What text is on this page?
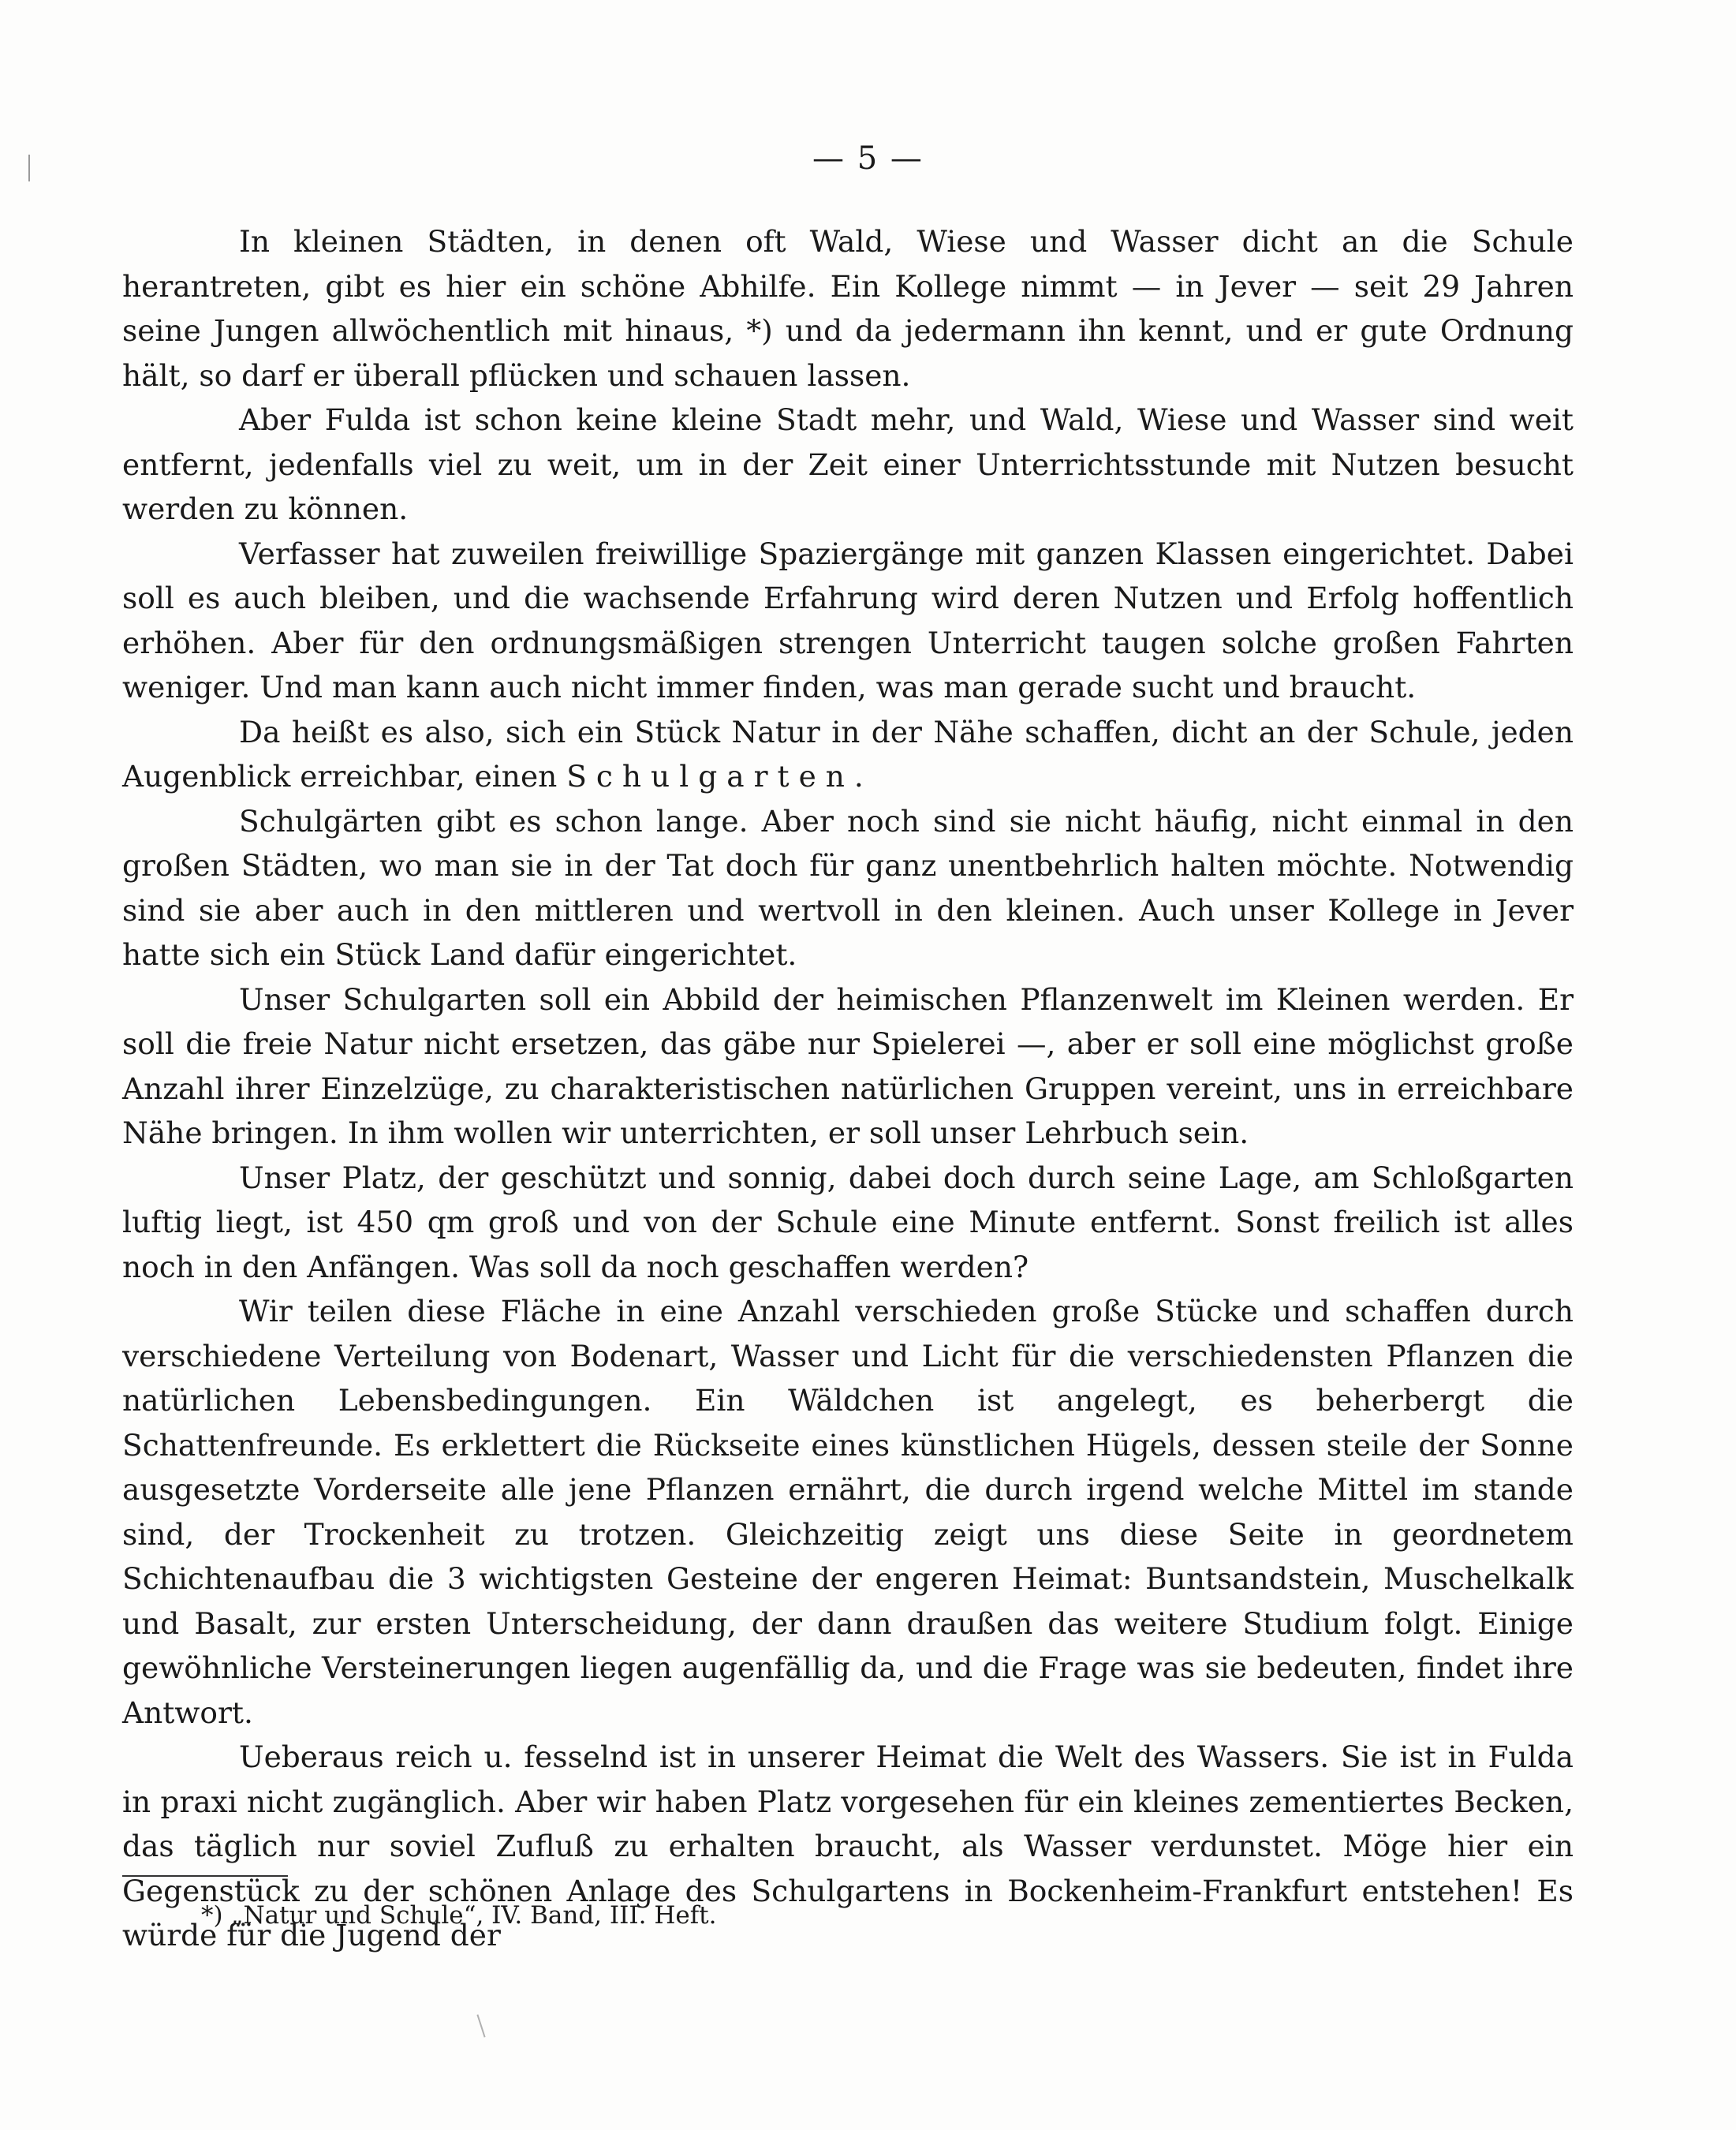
— 5 —

In kleinen Städten, in denen oft Wald, Wiese und Wasser dicht an die Schule herantreten, gibt es hier ein schöne Abhilfe. Ein Kollege nimmt — in Jever — seit 29 Jahren seine Jungen allwöchentlich mit hinaus, *) und da jedermann ihn kennt, und er gute Ordnung hält, so darf er überall pflücken und schauen lassen.

Aber Fulda ist schon keine kleine Stadt mehr, und Wald, Wiese und Wasser sind weit entfernt, jedenfalls viel zu weit, um in der Zeit einer Unterrichtsstunde mit Nutzen besucht werden zu können.

Verfasser hat zuweilen freiwillige Spaziergänge mit ganzen Klassen eingerichtet. Dabei soll es auch bleiben, und die wachsende Erfahrung wird deren Nutzen und Erfolg hoffentlich erhöhen. Aber für den ordnungsmäßigen strengen Unterricht taugen solche großen Fahrten weniger. Und man kann auch nicht immer finden, was man gerade sucht und braucht.

Da heißt es also, sich ein Stück Natur in der Nähe schaffen, dicht an der Schule, jeden Augenblick erreichbar, einen Schulgarten.

Schulgärten gibt es schon lange. Aber noch sind sie nicht häufig, nicht einmal in den großen Städten, wo man sie in der Tat doch für ganz unentbehrlich halten möchte. Notwendig sind sie aber auch in den mittleren und wertvoll in den kleinen. Auch unser Kollege in Jever hatte sich ein Stück Land dafür eingerichtet.

Unser Schulgarten soll ein Abbild der heimischen Pflanzenwelt im Kleinen werden. Er soll die freie Natur nicht ersetzen, das gäbe nur Spielerei —, aber er soll eine möglichst große Anzahl ihrer Einzelzüge, zu charakteristischen natürlichen Gruppen vereint, uns in erreichbare Nähe bringen. In ihm wollen wir unterrichten, er soll unser Lehrbuch sein.

Unser Platz, der geschützt und sonnig, dabei doch durch seine Lage, am Schloßgarten luftig liegt, ist 450 qm groß und von der Schule eine Minute entfernt. Sonst freilich ist alles noch in den Anfängen. Was soll da noch geschaffen werden?

Wir teilen diese Fläche in eine Anzahl verschieden große Stücke und schaffen durch verschiedene Verteilung von Bodenart, Wasser und Licht für die verschiedensten Pflanzen die natürlichen Lebensbedingungen. Ein Wäldchen ist angelegt, es beherbergt die Schattenfreunde. Es erklettert die Rückseite eines künstlichen Hügels, dessen steile der Sonne ausgesetzte Vorderseite alle jene Pflanzen ernährt, die durch irgend welche Mittel im stande sind, der Trockenheit zu trotzen. Gleichzeitig zeigt uns diese Seite in geordnetem Schichtenaufbau die 3 wichtigsten Gesteine der engeren Heimat: Buntsandstein, Muschelkalk und Basalt, zur ersten Unterscheidung, der dann draußen das weitere Studium folgt. Einige gewöhnliche Versteinerungen liegen augenfällig da, und die Frage was sie bedeuten, findet ihre Antwort.

Ueberaus reich u. fesselnd ist in unserer Heimat die Welt des Wassers. Sie ist in Fulda in praxi nicht zugänglich. Aber wir haben Platz vorgesehen für ein kleines zementiertes Becken, das täglich nur soviel Zufluß zu erhalten braucht, als Wasser verdunstet. Möge hier ein Gegenstück zu der schönen Anlage des Schulgartens in Bockenheim-Frankfurt entstehen! Es würde für die Jugend der

*) „Natur und Schule“, IV. Band, III. Heft.
